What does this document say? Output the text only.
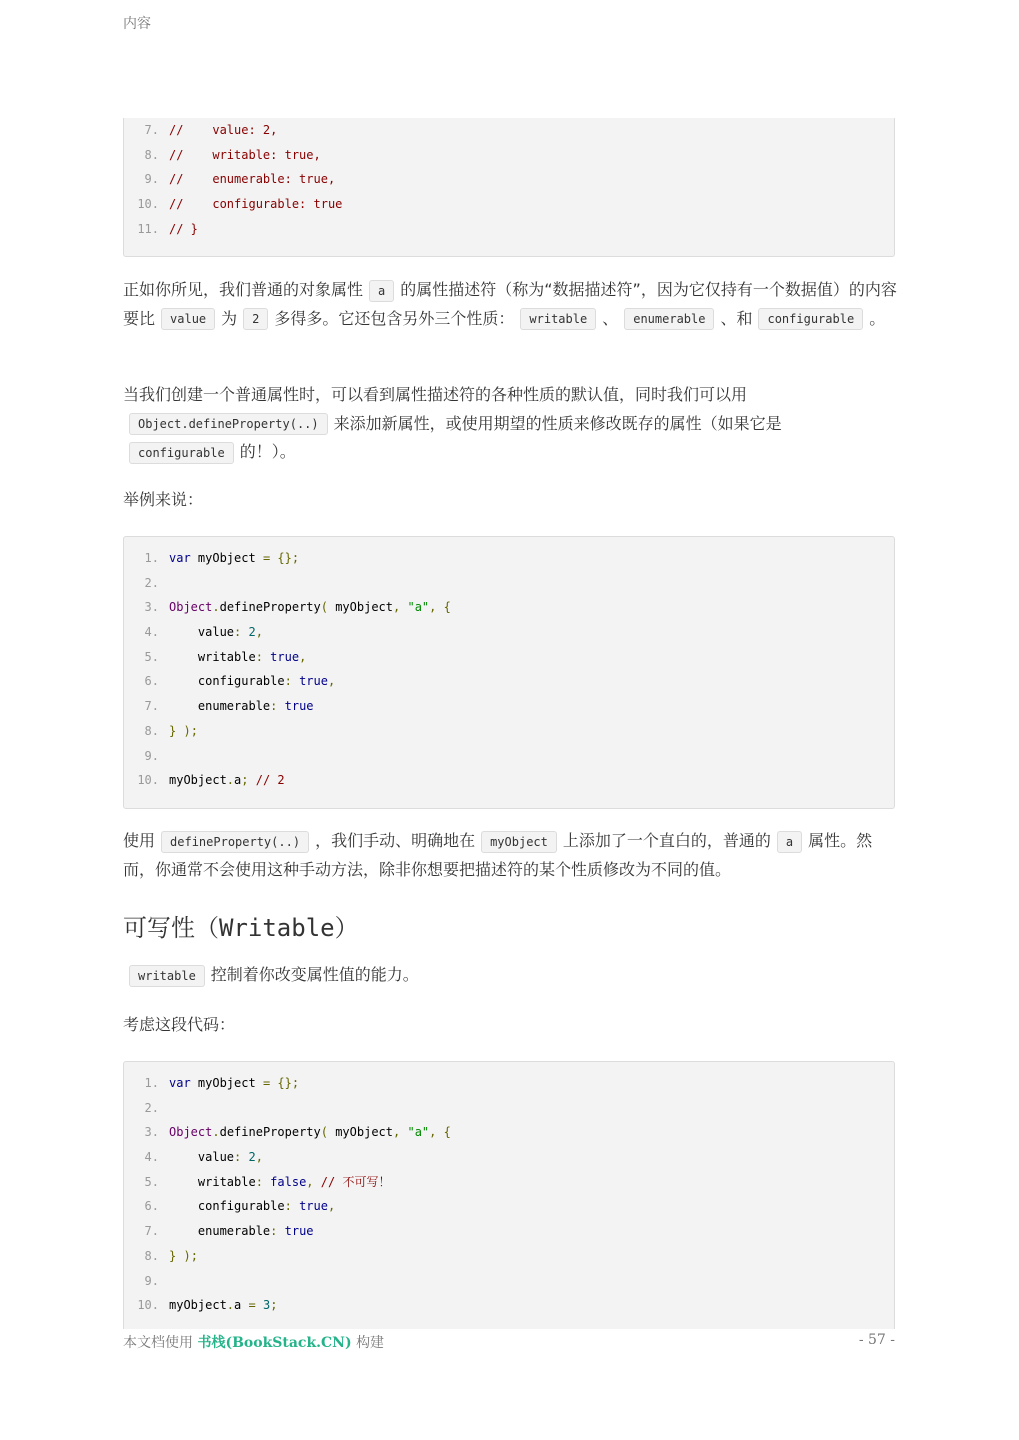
内容
7. //    value: 2,
8. //    writable: true,
9. //    enumerable: true,
10. //    configurable: true
11. // }
正如你所见，我们普通的对象属性 a 的属性描述符（称为“数据描述符”，因为它仅持有一个数据值）的内容要比 value 为 2 多得多。它还包含另外三个性质： writable 、 enumerable 、和 configurable 。
当我们创建一个普通属性时，可以看到属性描述符的各种性质的默认值，同时我们可以用Object.defineProperty(..) 来添加新属性，或使用期望的性质来修改既存的属性（如果它是configurable 的！）。
举例来说：
1. var myObject = {};
2.
3. Object.defineProperty( myObject, "a", {
4. value: 2,
5. writable: true,
6. configurable: true,
7. enumerable: true
8. } );
9.
10. myObject.a; // 2
使用 defineProperty(..) ，我们手动、明确地在 myObject 上添加了一个直白的，普通的 a 属性。然而，你通常不会使用这种手动方法，除非你想要把描述符的某个性质修改为不同的值。
可写性（Writable）
writable 控制着你改变属性值的能力。
考虑这段代码：
1. var myObject = {};
2.
3. Object.defineProperty( myObject, "a", {
4. value: 2,
5. writable: false, // 不可写！
6. configurable: true,
7. enumerable: true
8. } );
9.
10. myObject.a = 3;
本文档使用 书栈(BookStack.CN) 构建	- 57 -
